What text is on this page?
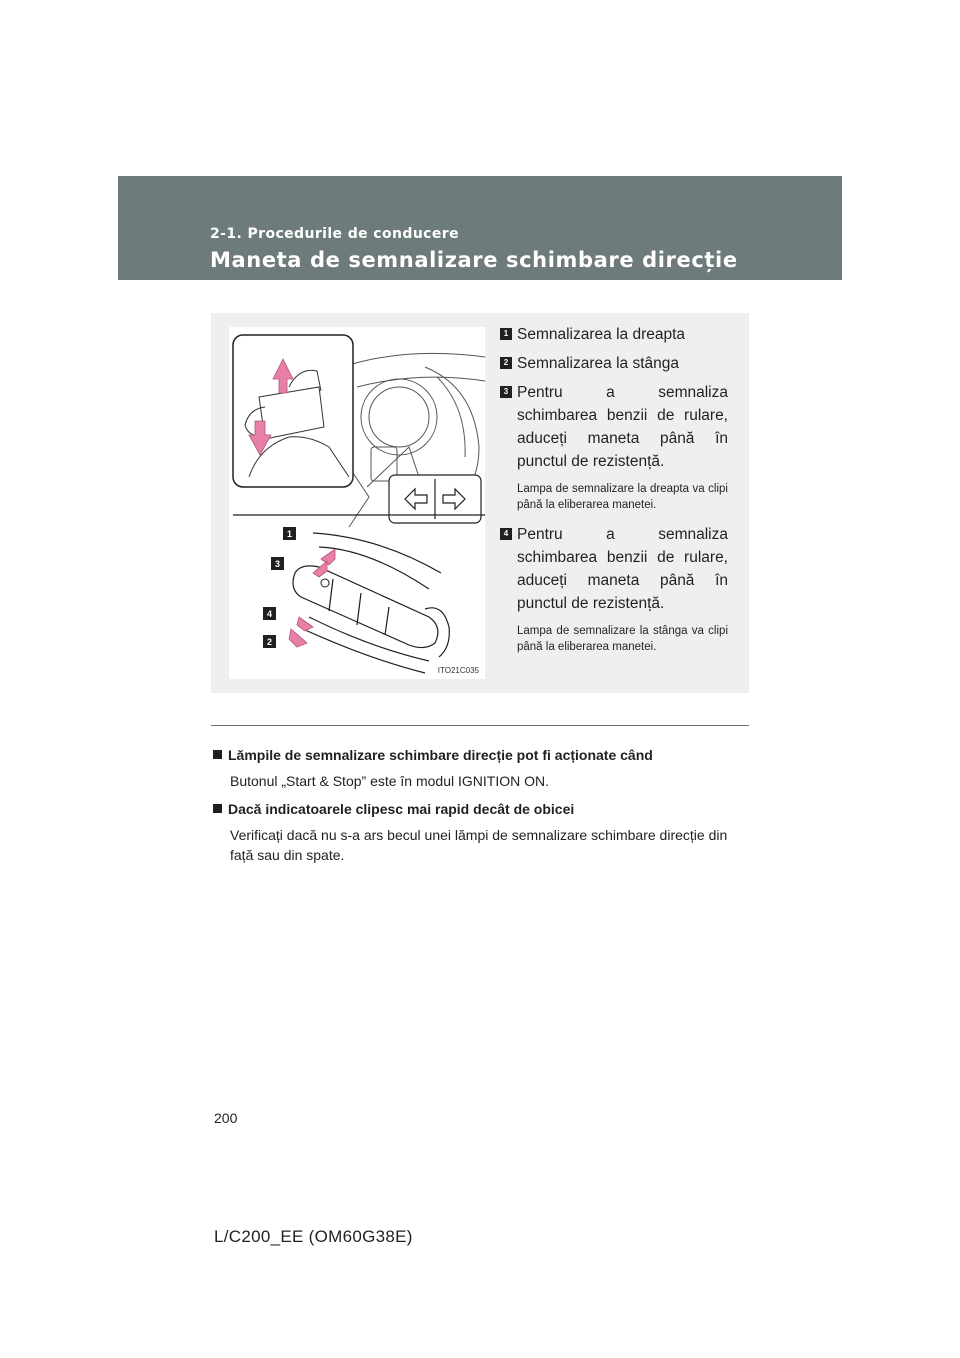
2-1. Procedurile de conducere
Maneta de semnalizare schimbare direcție
1
3
4
2
ITO21C035
1 Semnalizarea la dreapta
2 Semnalizarea la stânga
3 Pentru a semnaliza schimbarea benzii de rulare, aduceți maneta până în punctul de rezistență.
Lampa de semnalizare la dreapta va clipi până la eliberarea manetei.
4 Pentru a semnaliza schimbarea benzii de rulare, aduceți maneta până în punctul de rezistență.
Lampa de semnalizare la stânga va clipi până la eliberarea manetei.
Lămpile de semnalizare schimbare direcție pot fi acționate când
Butonul „Start & Stop” este în modul IGNITION ON.
Dacă indicatoarele clipesc mai rapid decât de obicei
Verificați dacă nu s-a ars becul unei lămpi de semnalizare schimbare direcție din față sau din spate.
200
L/C200_EE (OM60G38E)
